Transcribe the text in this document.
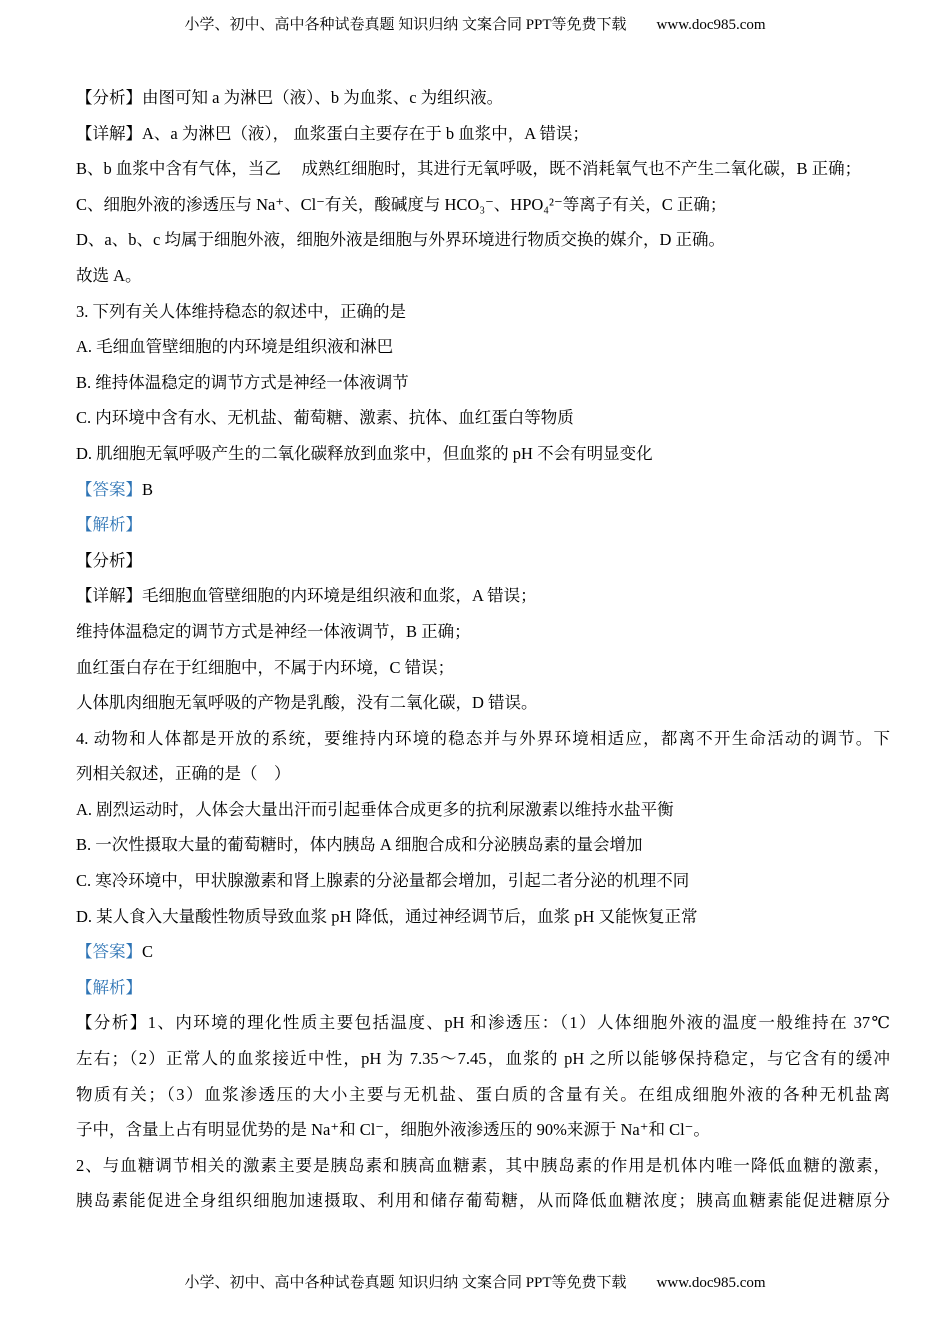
小学、初中、高中各种试卷真题 知识归纳 文案合同 PPT等免费下载 www.doc985.com
【分析】由图可知 a 为淋巴（液）、b 为血浆、c 为组织液。
【详解】A、a 为淋巴（液）， 血浆蛋白主要存在于 b 血浆中，A 错误；
B、b 血浆中含有气体，当乙　 成熟红细胞时，其进行无氧呼吸，既不消耗氧气也不产生二氧化碳，B 正确；
C、细胞外液的渗透压与 Na⁺、Cl⁻有关，酸碱度与 HCO₃⁻、HPO₄²⁻等离子有关，C 正确；
D、a、b、c 均属于细胞外液，细胞外液是细胞与外界环境进行物质交换的媒介，D 正确。
故选 A。
3. 下列有关人体维持稳态的叙述中，正确的是
A. 毛细血管壁细胞的内环境是组织液和淋巴
B. 维持体温稳定的调节方式是神经一体液调节
C. 内环境中含有水、无机盐、葡萄糖、激素、抗体、血红蛋白等物质
D. 肌细胞无氧呼吸产生的二氧化碳释放到血浆中，但血浆的 pH 不会有明显变化
【答案】B
【解析】
【分析】
【详解】毛细胞血管壁细胞的内环境是组织液和血浆，A 错误；
维持体温稳定的调节方式是神经一体液调节，B 正确；
血红蛋白存在于红细胞中，不属于内环境，C 错误；
人体肌肉细胞无氧呼吸的产物是乳酸，没有二氧化碳，D 错误。
4. 动物和人体都是开放的系统，要维持内环境的稳态并与外界环境相适应，都离不开生命活动的调节。下
列相关叙述，正确的是（　）
A. 剧烈运动时，人体会大量出汗而引起垂体合成更多的抗利尿激素以维持水盐平衡
B. 一次性摄取大量的葡萄糖时，体内胰岛 A 细胞合成和分泌胰岛素的量会增加
C. 寒冷环境中，甲状腺激素和肾上腺素的分泌量都会增加，引起二者分泌的机理不同
D. 某人食入大量酸性物质导致血浆 pH 降低，通过神经调节后，血浆 pH 又能恢复正常
【答案】C
【解析】
【分析】1、内环境的理化性质主要包括温度、pH 和渗透压：（1）人体细胞外液的温度一般维持在 37℃
左右；（2）正常人的血浆接近中性，pH 为 7.35～7.45，血浆的 pH 之所以能够保持稳定，与它含有的缓冲
物质有关；（3）血浆渗透压的大小主要与无机盐、蛋白质的含量有关。在组成细胞外液的各种无机盐离
子中，含量上占有明显优势的是 Na⁺和 Cl⁻，细胞外液渗透压的 90%来源于 Na⁺和 Cl⁻。
2、与血糖调节相关的激素主要是胰岛素和胰高血糖素，其中胰岛素的作用是机体内唯一降低血糖的激素，
胰岛素能促进全身组织细胞加速摄取、利用和储存葡萄糖，从而降低血糖浓度；胰高血糖素能促进糖原分
小学、初中、高中各种试卷真题 知识归纳 文案合同 PPT等免费下载 www.doc985.com
